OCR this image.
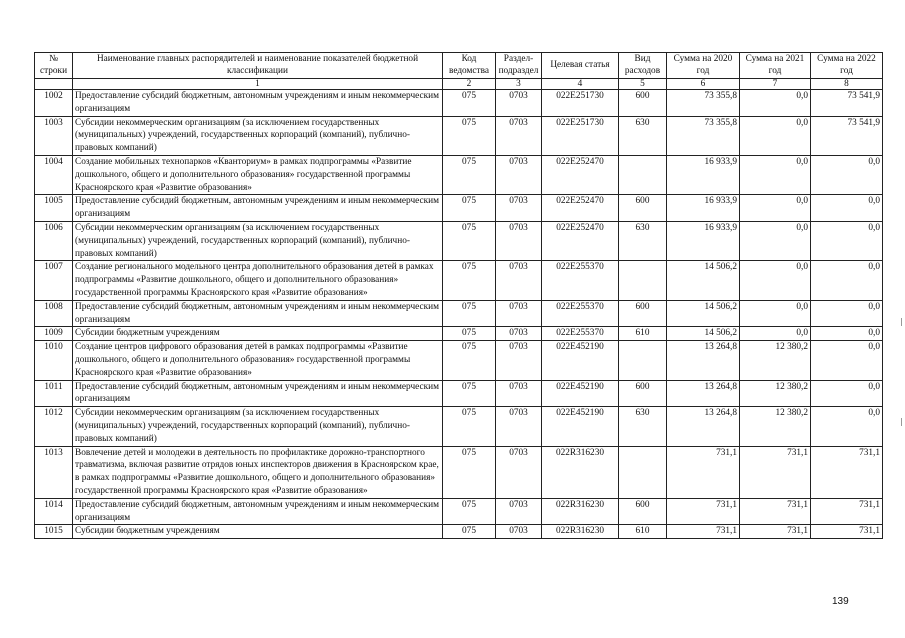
№ строки	Наименование главных распорядителей и наименование показателей бюджетной классификации	Код ведомства	Раздел-подраздел	Целевая статья	Вид расходов	Сумма на 2020 год	Сумма на 2021 год	Сумма на 2022 год
	1	2	3	4	5	6	7	8
1002	Предоставление субсидий бюджетным, автономным учреждениям и иным некоммерческим организациям	075	0703	022E251730	600	73 355,8	0,0	73 541,9
1003	Субсидии некоммерческим организациям (за исключением государственных (муниципальных) учреждений, государственных корпораций (компаний), публично-правовых компаний)	075	0703	022E251730	630	73 355,8	0,0	73 541,9
1004	Создание мобильных технопарков «Кванториум» в рамках подпрограммы «Развитие дошкольного, общего и дополнительного образования» государственной программы Красноярского края «Развитие образования»	075	0703	022E252470		16 933,9	0,0	0,0
1005	Предоставление субсидий бюджетным, автономным учреждениям и иным некоммерческим организациям	075	0703	022E252470	600	16 933,9	0,0	0,0
1006	Субсидии некоммерческим организациям (за исключением государственных (муниципальных) учреждений, государственных корпораций (компаний), публично-правовых компаний)	075	0703	022E252470	630	16 933,9	0,0	0,0
1007	Создание регионального модельного центра дополнительного образования детей в рамках подпрограммы «Развитие дошкольного, общего и дополнительного образования» государственной программы Красноярского края «Развитие образования»	075	0703	022E255370		14 506,2	0,0	0,0
1008	Предоставление субсидий бюджетным, автономным учреждениям и иным некоммерческим организациям	075	0703	022E255370	600	14 506,2	0,0	0,0
1009	Субсидии бюджетным учреждениям	075	0703	022E255370	610	14 506,2	0,0	0,0
1010	Создание центров цифрового образования детей в рамках подпрограммы «Развитие дошкольного, общего и дополнительного образования» государственной программы Красноярского края «Развитие образования»	075	0703	022E452190		13 264,8	12 380,2	0,0
1011	Предоставление субсидий бюджетным, автономным учреждениям и иным некоммерческим организациям	075	0703	022E452190	600	13 264,8	12 380,2	0,0
1012	Субсидии некоммерческим организациям (за исключением государственных (муниципальных) учреждений, государственных корпораций (компаний), публично-правовых компаний)	075	0703	022E452190	630	13 264,8	12 380,2	0,0
1013	Вовлечение детей и молодежи в деятельность по профилактике дорожно-транспортного травматизма, включая развитие отрядов юных инспекторов движения в Красноярском крае, в рамках подпрограммы «Развитие дошкольного, общего и дополнительного образования» государственной программы Красноярского края «Развитие образования»	075	0703	022R316230		731,1	731,1	731,1
1014	Предоставление субсидий бюджетным, автономным учреждениям и иным некоммерческим организациям	075	0703	022R316230	600	731,1	731,1	731,1
1015	Субсидии бюджетным учреждениям	075	0703	022R316230	610	731,1	731,1	731,1
139
